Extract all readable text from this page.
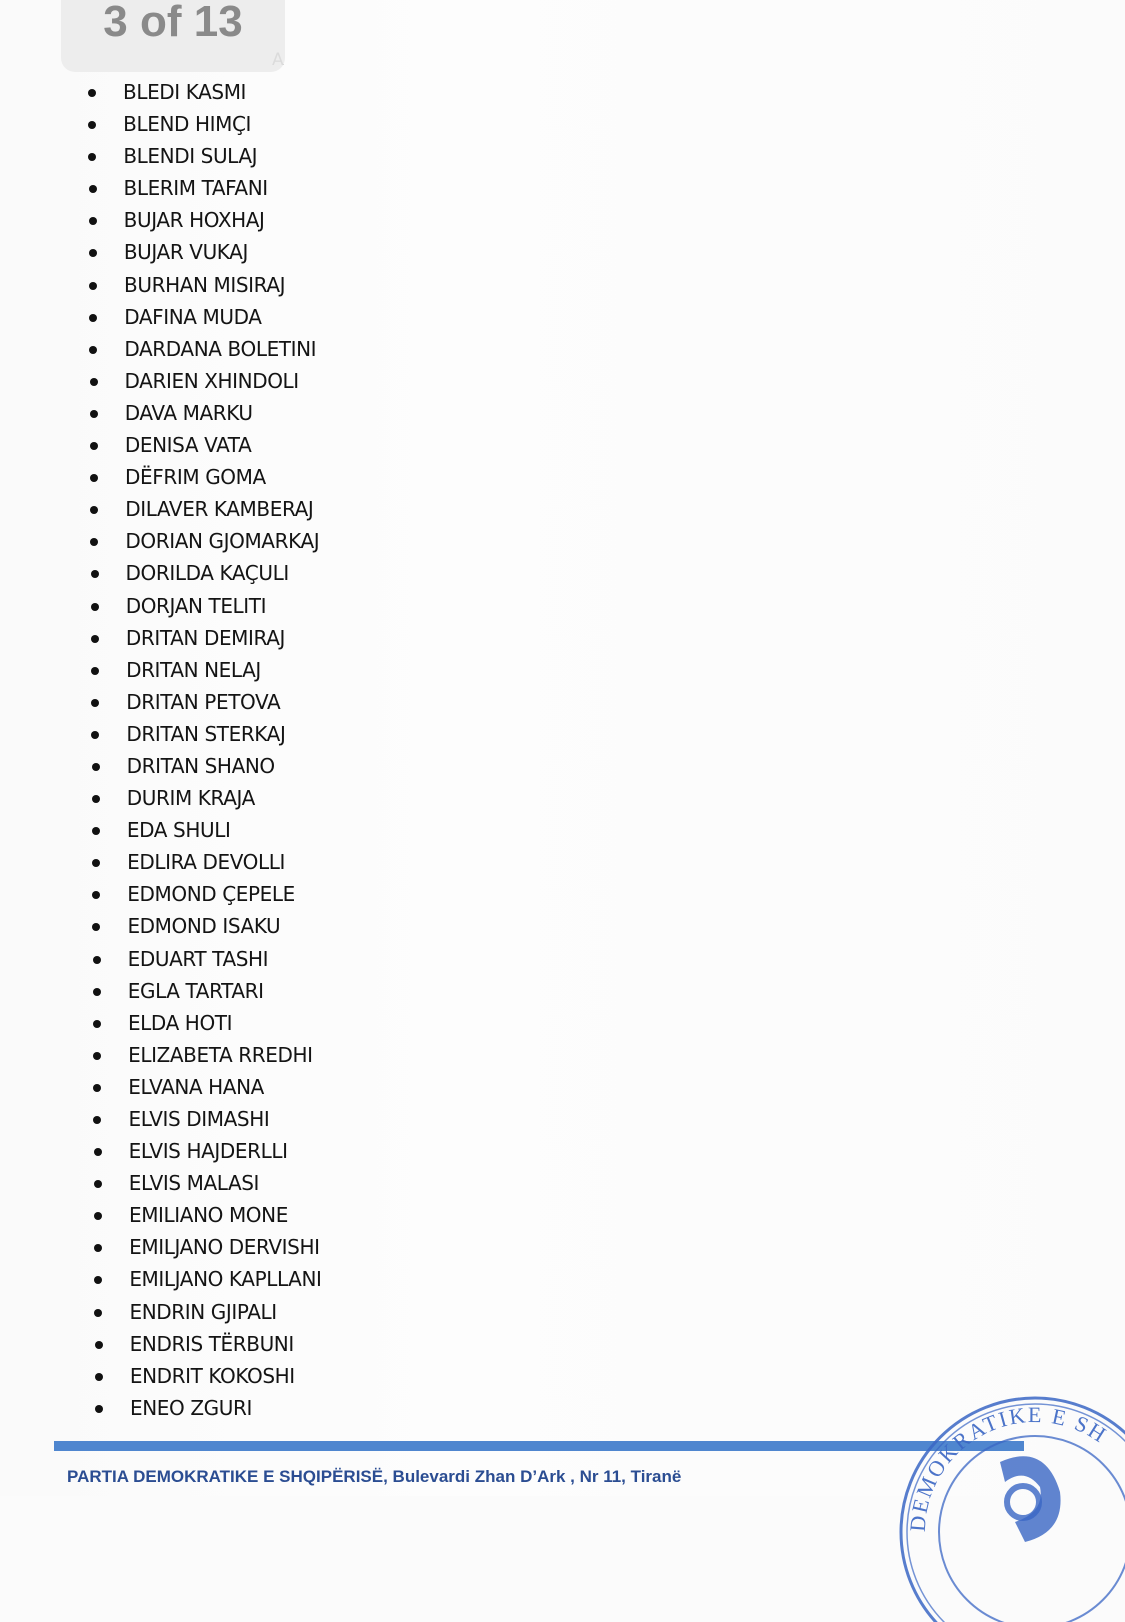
BLEDI KASMI
BLEND HIMÇI
BLENDI SULAJ
BLERIM TAFANI
BUJAR HOXHAJ
BUJAR VUKAJ
BURHAN MISIRAJ
DAFINA MUDA
DARDANA BOLETINI
DARIEN XHINDOLI
DAVA MARKU
DENISA VATA
DËFRIM GOMA
DILAVER KAMBERAJ
DORIAN GJOMARKAJ
DORILDA KAÇULI
DORJAN TELITI
DRITAN DEMIRAJ
DRITAN NELAJ
DRITAN PETOVA
DRITAN STERKAJ
DRITAN SHANO
DURIM KRAJA
EDA SHULI
EDLIRA DEVOLLI
EDMOND ÇEPELE
EDMOND ISAKU
EDUART TASHI
EGLA TARTARI
ELDA HOTI
ELIZABETA RREDHI
ELVANA HANA
ELVIS DIMASHI
ELVIS HAJDERLLI
ELVIS MALASI
EMILIANO MONE
EMILJANO DERVISHI
EMILJANO KAPLLANI
ENDRIN GJIPALI
ENDRIS TËRBUNI
ENDRIT KOKOSHI
ENEO ZGURI
PARTIA DEMOKRATIKE E SHQIPËRISË, Bulevardi Zhan D’Ark , Nr 11, Tiranë
DEMOKRATIKE E SH
3 of 13
